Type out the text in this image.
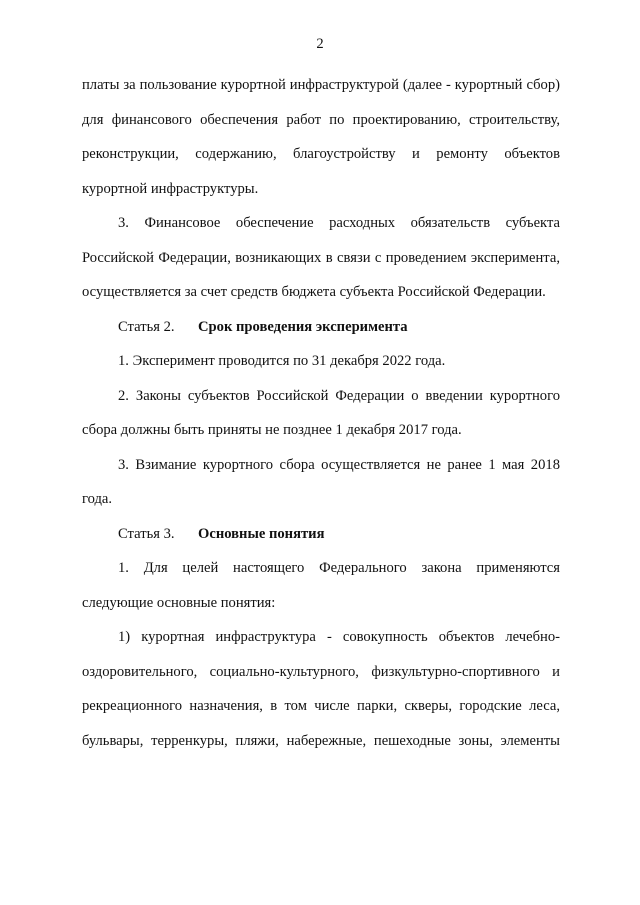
2

платы за пользование курортной инфраструктурой (далее - курортный сбор) для финансового обеспечения работ по проектированию, строительству, реконструкции, содержанию, благоустройству и ремонту объектов курортной инфраструктуры.

3. Финансовое обеспечение расходных обязательств субъекта Российской Федерации, возникающих в связи с проведением эксперимента, осуществляется за счет средств бюджета субъекта Российской Федерации.

Статья 2. Срок проведения эксперимента

1. Эксперимент проводится по 31 декабря 2022 года.

2. Законы субъектов Российской Федерации о введении курортного сбора должны быть приняты не позднее 1 декабря 2017 года.

3. Взимание курортного сбора осуществляется не ранее 1 мая 2018 года.

Статья 3. Основные понятия

1. Для целей настоящего Федерального закона применяются следующие основные понятия:

1) курортная инфраструктура - совокупность объектов лечебно-оздоровительного, социально-культурного, физкультурно-спортивного и рекреационного назначения, в том числе парки, скверы, городские леса, бульвары, терренкуры, пляжи, набережные, пешеходные зоны, элементы
